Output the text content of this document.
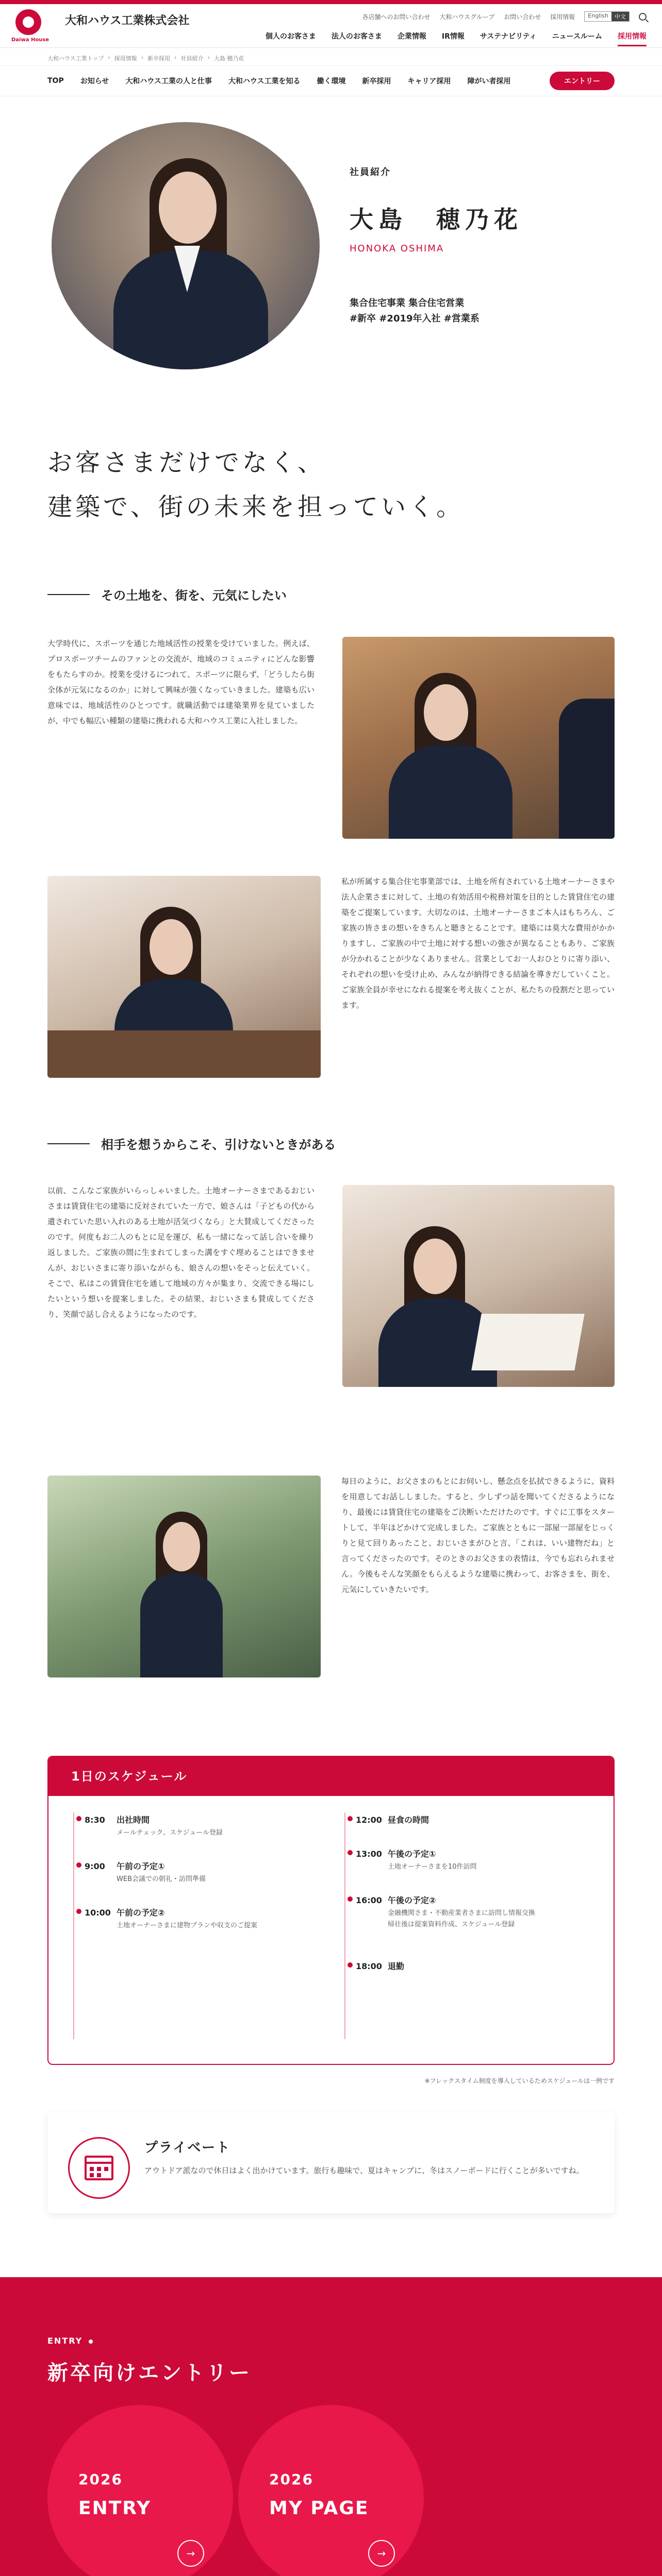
Daiwa House
大和ハウス工業株式会社	各店舗へのお問い合わせ 大和ハウスグループ お問い合わせ 採用情報	English	中文
個人のお客さま 法人のお客さま 企業情報 IR情報 サステナビリティ ニュースルーム 採用情報
大和ハウス工業トップ › 採用情報 › 新卒採用 › 社員紹介 › 大島 穂乃花
TOP お知らせ 大和ハウス工業の人と仕事 大和ハウス工業を知る 働く環境 新卒採用 キャリア採用 障がい者採用	エントリー
社員紹介
大島　穂乃花
HONOKA OSHIMA
集合住宅事業 集合住宅営業
#新卒 #2019年入社 #営業系
お客さまだけでなく、
建築で、街の未来を担っていく。
その土地を、街を、元気にしたい

大学時代に、スポーツを通じた地域活性の授業を受けていました。例えば、プロスポーツチームのファンとの交流が、地域のコミュニティにどんな影響をもたらすのか。授業を受けるにつれて、スポーツに限らず、「どうしたら街全体が元気になるのか」に対して興味が強くなっていきました。建築も広い意味では、地域活性のひとつです。就職活動では建築業界を見ていましたが、中でも幅広い種類の建築に携われる大和ハウス工業に入社しました。

私が所属する集合住宅事業部では、土地を所有されている土地オーナーさまや法人企業さまに対して、土地の有効活用や税務対策を目的とした賃貸住宅の建築をご提案しています。大切なのは、土地オーナーさまご本人はもちろん、ご家族の皆さまの想いをきちんと聴きとることです。建築には莫大な費用がかかりますし、ご家族の中で土地に対する想いの強さが異なることもあり、ご家族が分かれることが少なくありません。営業としてお一人おひとりに寄り添い、それぞれの想いを受け止め、みんなが納得できる結論を導きだしていくこと。ご家族全員が幸せになれる提案を考え抜くことが、私たちの役割だと思っています。

相手を想うからこそ、引けないときがある

以前、こんなご家族がいらっしゃいました。土地オーナーさまであるおじいさまは賃貸住宅の建築に反対されていた一方で、娘さんは「子どもの代から遺されていた思い入れのある土地が活気づくなら」と大賛成してくださったのです。何度もお二人のもとに足を運び、私も一緒になって話し合いを繰り返しました。ご家族の間に生まれてしまった溝をすぐ埋めることはできませんが、おじいさまに寄り添いながらも、娘さんの想いをそっと伝えていく。そこで、私はこの賃貸住宅を通して地域の方々が集まり、交流できる場にしたいという想いを提案しました。その結果、おじいさまも賛成してくださり、笑顔で話し合えるようになったのです。

毎日のように、お父さまのもとにお伺いし、懸念点を払拭できるように、資料を用意してお話ししました。すると、少しずつ話を聞いてくださるようになり、最後には賃貸住宅の建築をご決断いただけたのです。すぐに工事をスタートして、半年ほどかけて完成しました。ご家族とともに一部屋一部屋をじっくりと見て回りあったこと、おじいさまがひと言、「これは、いい建物だね」と言ってくださったのです。そのときのお父さまの表情は、今でも忘れられません。今後もそんな笑顔をもらえるような建築に携わって、お客さまを、街を、元気にしていきたいです。

1日のスケジュール
8:30 出社時間
メールチェック、スケジュール登録
9:00 午前の予定①
WEB会議での朝礼・訪問準備
10:00 午前の予定②
土地オーナーさまに建物プランや収支のご提案
12:00 昼食の時間
13:00 午後の予定①
土地オーナーさまを10件訪問
16:00 午後の予定②
金融機関さま・不動産業者さまに訪問し情報交換
帰社後は提案資料作成、スケジュール登録
18:00 退勤
※フレックスタイム制度を導入しているためスケジュールは一例です
プライベート

アウトドア派なので休日はよく出かけています。旅行も趣味で、夏はキャンプに、冬はスノーボードに行くことが多いですね。

ENTRY
新卒向けエントリー
2026
ENTRY
→
2026
MY PAGE
→
